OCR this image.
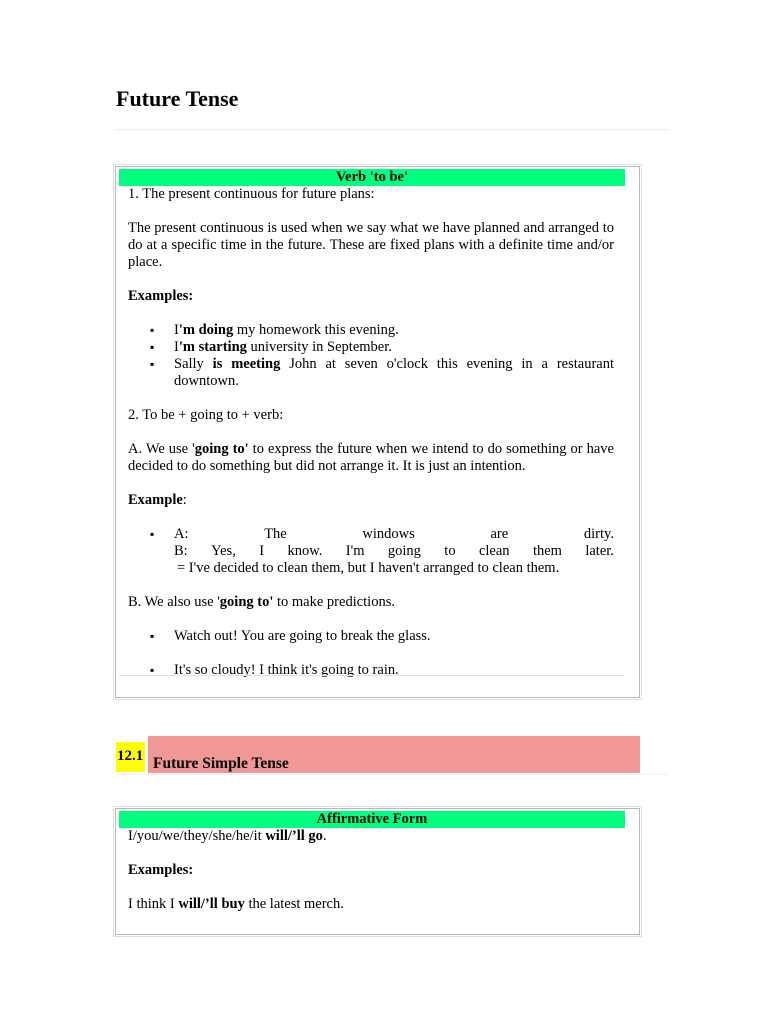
Future Tense
Verb 'to be'

1. The present continuous for future plans:

The present continuous is used when we say what we have planned and arranged to do at a specific time in the future. These are fixed plans with a definite time and/or place.

Examples:

▪ I'm doing my homework this evening.
▪ I'm starting university in September.
▪ Sally is meeting John at seven o'clock this evening in a restaurant downtown.

2. To be + going to + verb:

A. We use 'going to' to express the future when we intend to do something or have decided to do something but did not arrange it. It is just an intention.

Example:

▪ A:	The	windows	are	dirty.
B: Yes, I know. I'm going to clean them later.
= I've decided to clean them, but I haven't arranged to clean them.

B. We also use 'going to' to make predictions.

▪ Watch out! You are going to break the glass.
▪ It's so cloudy! I think it's going to rain.
Future Simple Tense
12.1
Affirmative Form

I/you/we/they/she/he/it will/’ll go.

Examples:

I think I will/’ll buy the latest merch.
